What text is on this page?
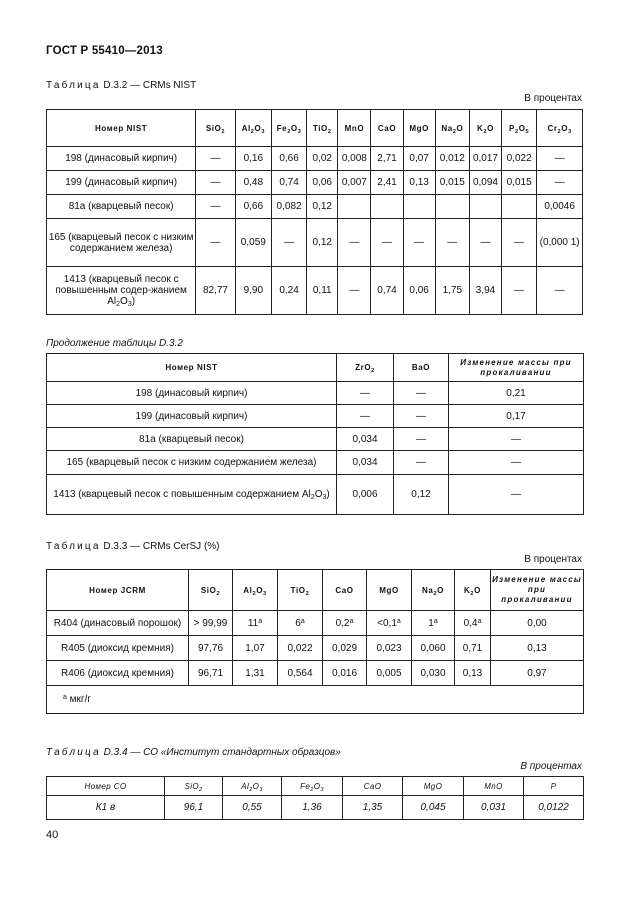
ГОСТ Р 55410—2013
Таблица D.3.2 — CRMs NIST
В процентах
Номер NIST	SiO$_2$	$Al_2O_3$	$Fe_2O_3$	TiO$_2$	MnO	CaO	MgO	$Na_2O$	$K_2O$	$P_2O_5$	$Cr_2O_3$
198 (динасовый кирпич)	—	0,16	0,66	0,02	0,008	2,71	0,07	0,012	0,017	0,022	—
199 (динасовый кирпич)	—	0,48	0,74	0,06	0,007	2,41	0,13	0,015	0,094	0,015	—
81а (кварцевый песок)	—	0,66	0,082	0,12							0,0046
165 (кварцевый песок с низким содержанием железа)	—	0,059	—	0,12	—	—	—	—	—	—	(0,000 1)
1413 (кварцевый песок с повышенным содер-жанием $Al_2O_3$)	82,77	9,90	0,24	0,11	—	0,74	0,06	1,75	3,94	—	—
Продолжение таблицы D.3.2
Номер NIST	ZrO$_2$	BaO	Изменение массы при прокаливании
198 (динасовый кирпич)	—	—	0,21
199 (динасовый кирпич)	—	—	0,17
81а (кварцевый песок)	0,034	—	—
165 (кварцевый песок с низким содержанием железа)	0,034	—	—
1413 (кварцевый песок с повышенным содержанием $Al_2O_3$)	0,006	0,12	—
Таблица D.3.3 — CRMs CerSJ (%)
В процентах
Номер JCRM	SiO$_2$	$Al_2O_3$	TiO$_2$	CaO	MgO	$Na_2O$	$K_2O$	Изменение массы при прокаливании
R404 (динасовый порошок)	> 99,99	$11^а$	$6^а$	$0,2^а$	$<0,1^а$	$1^а$	$0,4^а$	0,00
R405 (диоксид кремния)	97,76	1,07	0,022	0,029	0,023	0,060	0,71	0,13
R406 (диоксид кремния)	96,71	1,31	0,564	0,016	0,005	0,030	0,13	0,97
$^а$ мкг/г								
Таблица D.3.4 — СО «Институт стандартных образцов»
В процентах
Номер СО	SiO$_2$	$Al_2O_3$	$Fe_2O_3$	CaO	MgO	MnO	P
К1 в	96,1	0,55	1,36	1,35	0,045	0,031	0,0122
40
